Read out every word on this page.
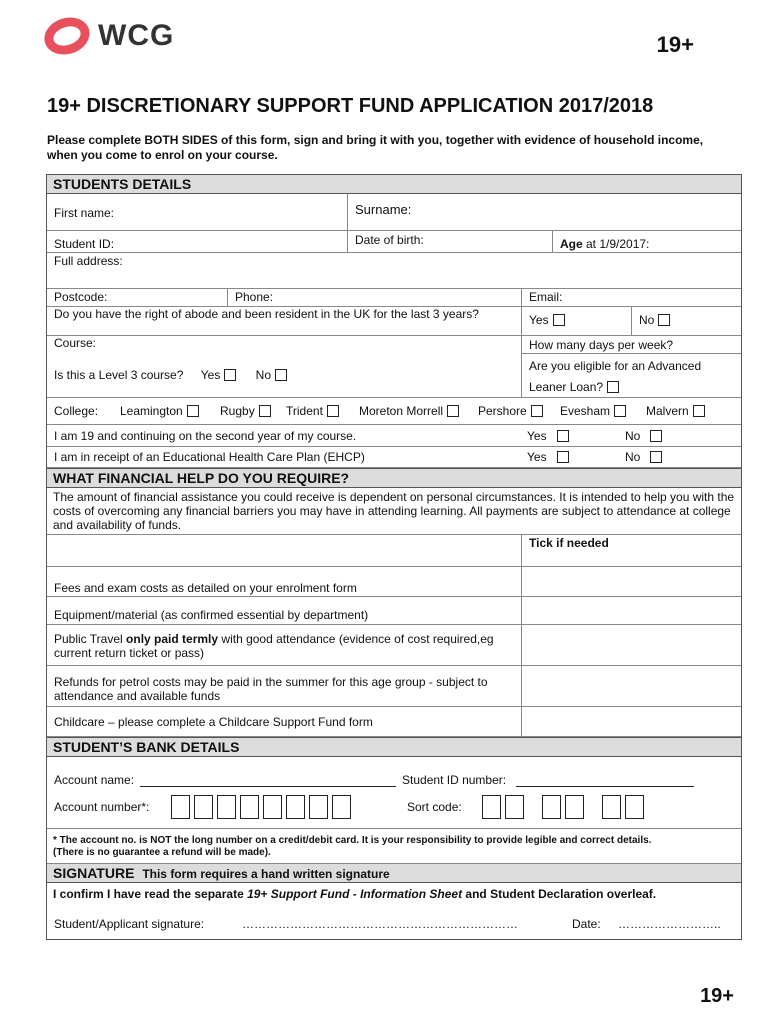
WCG	19+
19+ DISCRETIONARY SUPPORT FUND APPLICATION 2017/2018
Please complete BOTH SIDES of this form, sign and bring it with you, together with evidence of household income, when you come to enrol on your course.
STUDENTS DETAILS
First name:	Surname:
Student ID:	Date of birth:	Age at 1/9/2017:
Full address:
Postcode:	Phone:	Email:
Do you have the right of abode and been resident in the UK for the last 3 years?	Yes	No
Course:	How many days per week?
Is this a Level 3 course? Yes	No
Are you eligible for an Advanced Leaner Loan?
College:	Leamington	Rugby	Trident	Moreton Morrell	Pershore	Evesham	Malvern
I am 19 and continuing on the second year of my course.	Yes	No
I am in receipt of an Educational Health Care Plan (EHCP)	Yes	No
WHAT FINANCIAL HELP DO YOU REQUIRE?
The amount of financial assistance you could receive is dependent on personal circumstances. It is intended to help you with the costs of overcoming any financial barriers you may have in attending learning. All payments are subject to attendance at college and availability of funds.
Tick if needed
Fees and exam costs as detailed on your enrolment form
Equipment/material (as confirmed essential by department)
Public Travel only paid termly with good attendance (evidence of cost required,eg current return ticket or pass)
Refunds for petrol costs may be paid in the summer for this age group - subject to attendance and available funds
Childcare – please complete a Childcare Support Fund form
STUDENT’S BANK DETAILS
Account name:	Student ID number:
Account number*:	Sort code:
* The account no. is NOT the long number on a credit/debit card. It is your responsibility to provide legible and correct details.
(There is no guarantee a refund will be made).
SIGNATURE This form requires a hand written signature
I confirm I have read the separate 19+ Support Fund - Information Sheet and Student Declaration overleaf.
Student/Applicant signature:	……………………………………………………………	Date:	……………………..
19+
